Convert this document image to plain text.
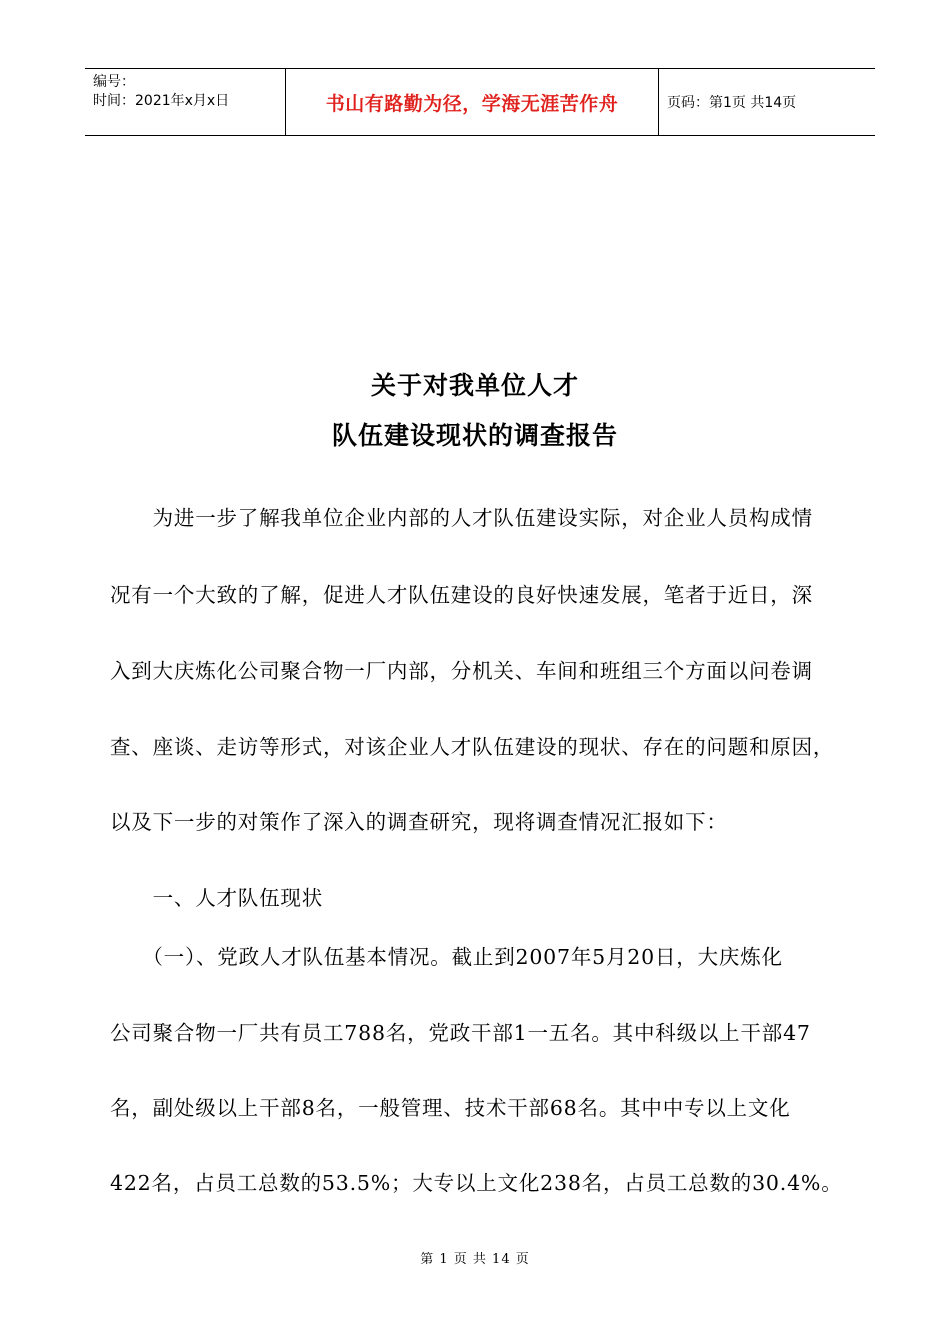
编号：
时间：2021年x月x日	书山有路勤为径，学海无涯苦作舟	页码：第1页 共14页
关于对我单位人才
队伍建设现状的调查报告
　　为进一步了解我单位企业内部的人才队伍建设实际，对企业人员构成情
况有一个大致的了解，促进人才队伍建设的良好快速发展，笔者于近日，深
入到大庆炼化公司聚合物一厂内部，分机关、车间和班组三个方面以问卷调
查、座谈、走访等形式，对该企业人才队伍建设的现状、存在的问题和原因，
以及下一步的对策作了深入的调查研究，现将调查情况汇报如下：
　　一、人才队伍现状
　　（一）、党政人才队伍基本情况。截止到2007年5月20日，大庆炼化
公司聚合物一厂共有员工788名，党政干部1一五名。其中科级以上干部47
名，副处级以上干部8名，一般管理、技术干部68名。其中中专以上文化
422名，占员工总数的53.5%；大专以上文化238名，占员工总数的30.4%。
第 1 页 共 14 页
